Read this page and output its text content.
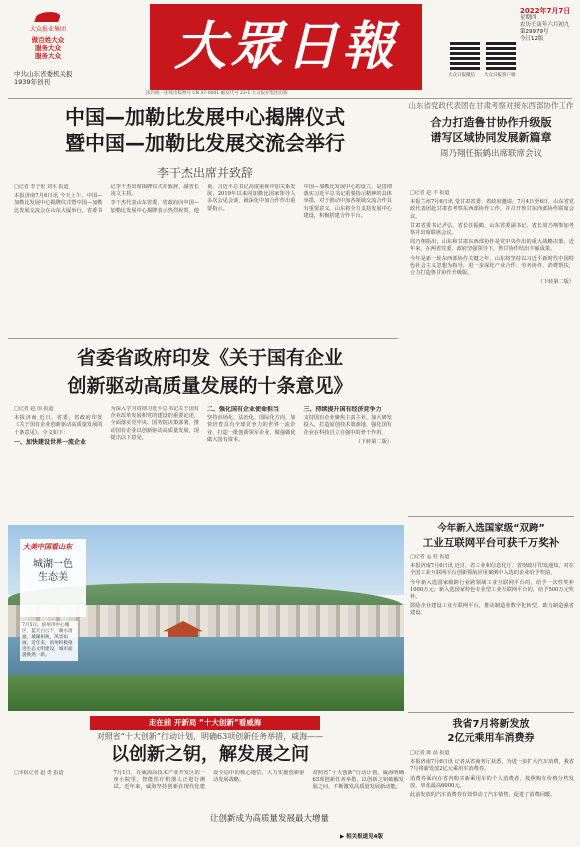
大众报业集团
做百姓大众
服务大众
服务大众
中共山东省委机关报
1939年创刊
大眾日報	大众日报微信 大众日报客户端
2022年7月7日
星期四
农历壬寅年六月初九
第29979号
今日12版
国内统一连续出版物号 CN 37-0001 邮发代号 23-1 大众报业集团出版
中国—加勒比发展中心揭牌仪式
暨中国—加勒比发展交流会举行
李干杰出席并致辞

□记者 李子伦 刘木 报道

本报济南7月6日讯 今天上午，中国—加勒比发展中心揭牌仪式暨中国—加勒比发展交流会在山东大厦举行。省委书记李干杰出席揭牌仪式并致辞，副省长凌文主持。

李干杰代表山东省委、省政府向中国—加勒比发展中心揭牌表示热烈祝贺。他说，习近平总书记高度重视中加关系发展，2019年以来同加勒比国家领导人多次会见会谈，就深化中加合作作出重要指示。

中国—加勒比发展中心的设立，是贯彻落实习近平总书记重要指示精神的具体举措，对于推动中加各领域交流合作具有重要意义。山东将全力支持发展中心建设，积极搭建合作平台。

山东省党政代表团在甘肃考察对接东西部协作工作
合力打造鲁甘协作升级版
谱写区域协同发展新篇章
周乃翔任振鹤出席联席会议

□记者 赵 丰 报道

本报兰州7月6日讯 受甘肃省委、省政府邀请，7月4日至6日，山东省党政代表团赴甘肃省考察东西部协作工作，并召开鲁甘东西部协作联席会议。

甘肃省委书记尹弘，省长任振鹤，山东省委副书记、省长周乃翔参加考察并出席联席会议。

周乃翔指出，山东和甘肃东西部协作是党中央作出的重大战略决策。近年来，在两省党委、政府坚强领导下，鲁甘协作结出丰硕成果。

今年是新一轮东西部协作关键之年，山东将坚持以习近平新时代中国特色社会主义思想为指导，进一步深化产业合作、劳务协作、消费帮扶，合力打造鲁甘协作升级版。

（下转第二版）

省委省政府印发《关于国有企业
创新驱动高质量发展的十条意见》

□记者 赵 国 报道

本报济南 近日，省委、省政府印发《关于国有企业创新驱动高质量发展的十条意见》。全文如下：

一、加快建设世界一流企业

为深入学习贯彻习近平总书记关于国有企业改革发展和党的建设的重要论述，全面落实党中央、国务院决策部署，推动国有企业以创新驱动高质量发展，现提出以下意见。

二、强化国有企业使命担当

坚持市场化、法治化、国际化方向，加快培育具有全球竞争力的世界一流企业，打造一批创新领军企业，做强做优做大国有资本。

三、持续提升国有经济竞争力

支持国有企业聚焦主责主业，加大研发投入，打造原创技术策源地，强化国有企业在科技自立自强中的骨干作用。

（下转第二版）

大美中国看山东
城湖一色
生态美
7月5日，滨州市中心城区，蓝天白云下，湖水清澈，城湖相映，风景如画。近年来，滨州积极推进生态文明建设，城市面貌焕然一新。
走在前 开新局 “十大创新”看威海
对照省“十大创新”行动计划，明确63项创新任务举措，威海——
以创新之钥，解发展之问

□本报记者 赵 勇 报道	7月1日，在威海高技术产业开发区的一座小院里，智能医疗机器人正进行测试。近年来，威海坚持创新在现代化建设全局中的核心地位，大力实施创新驱动发展战略。

对照省“十大创新”行动计划，威海明确63项创新任务举措，以创新之钥破解发展之问，不断激发高质量发展新动能。

让创新成为高质量发展最大增量
▶ 相关报道见4版
今年新入选国家级“双跨”
工业互联网平台可获千万奖补

□记者 孟 桂 报道

本报济南7月6日讯 近日，省工业和信息化厅、省财政厅印发通知，对在全国工业互联网平台创新领航应用案例中入选的企业给予奖励。

今年新入选国家级跨行业跨领域工业互联网平台的，给予一次性奖补1000万元；新入选国家特色专业型工业互联网平台的，给予500万元奖补。

鼓励企业建设工业互联网平台，推动制造业数字化转型，助力制造强省建设。

我省7月将新发放
2亿元乘用车消费券

□记者 陈 晨 报道

本报济南7月6日讯 记者从省商务厅获悉，为进一步扩大汽车消费，我省7月将新发放2亿元乘用车消费券。

消费券面向在省内购买新乘用车的个人消费者，按照购车价格分档发放，单张最高6000元。

此前发放的汽车消费券有效带动了汽车销售，促进了消费回暖。
